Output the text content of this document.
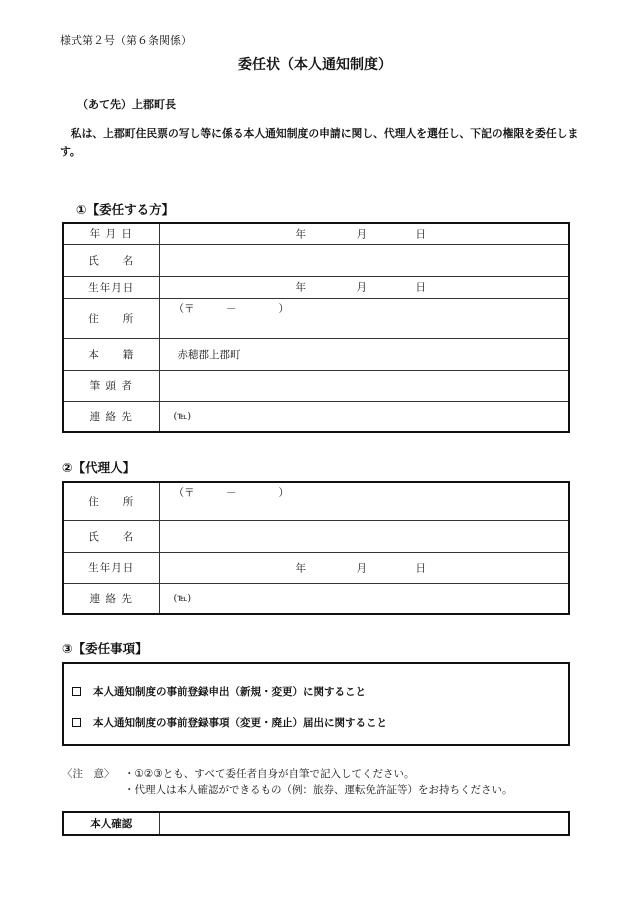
様式第２号（第６条関係）
委任状（本人通知制度）
（あて先）上郡町長
私は、上郡町住民票の写し等に係る本人通知制度の申請に関し、代理人を選任し、下記の権限を委任します。
①【委任する方】
年 月 日	年 月 日

氏　　名	
生年月日	年 月 日

住　　所	（〒　　　－　　　　）

本　　籍	赤穂郡上郡町
筆 頭 者	
連 絡 先	(℡)
②【代理人】
住　　所	（〒　　　－　　　　）

氏　　名	
生年月日	年 月 日

連 絡 先	(℡)
③【委任事項】
本人通知制度の事前登録申出（新規・変更）に関すること
本人通知制度の事前登録事項（変更・廃止）届出に関すること
〈注　意〉 ・①②③とも、すべて委任者自身が自筆で記入してください。
・代理人は本人確認ができるもの（例：旅券、運転免許証等）をお持ちください。
本人確認	
